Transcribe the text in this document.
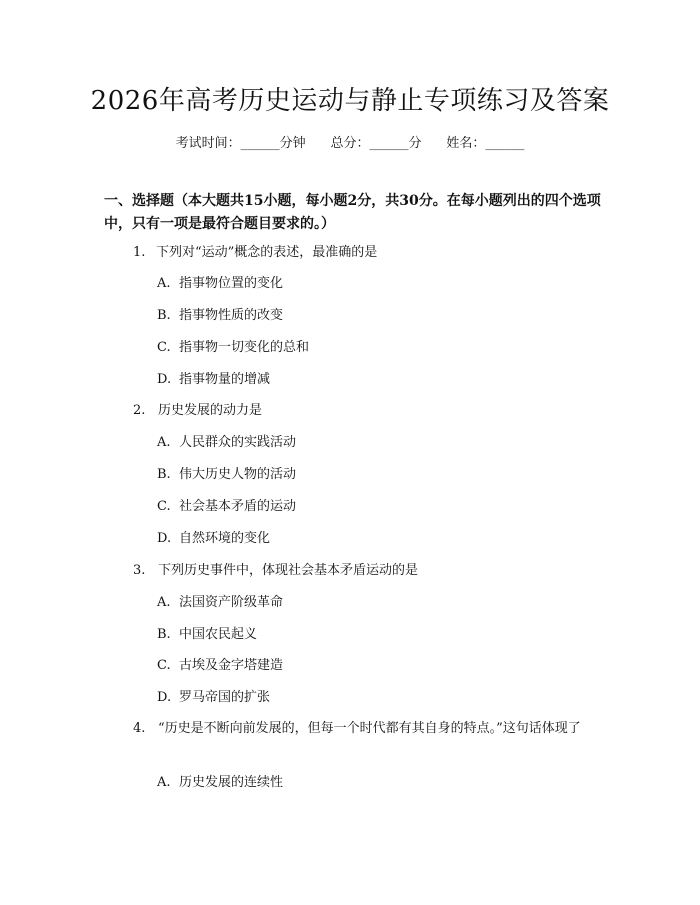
2026年高考历史运动与静止专项练习及答案
考试时间：______分钟 总分：______分 姓名：______

一、选择题（本大题共15小题，每小题2分，共30分。在每小题列出的四个选项中，只有一项是最符合题目要求的。）

1. 下列对“运动”概念的表述，最准确的是
A. 指事物位置的变化
B. 指事物性质的改变
C. 指事物一切变化的总和
D. 指事物量的增减
2. 历史发展的动力是
A. 人民群众的实践活动
B. 伟大历史人物的活动
C. 社会基本矛盾的运动
D. 自然环境的变化
3. 下列历史事件中，体现社会基本矛盾运动的是
A. 法国资产阶级革命
B. 中国农民起义
C. 古埃及金字塔建造
D. 罗马帝国的扩张
4. “历史是不断向前发展的，但每一个时代都有其自身的特点。”这句话体现了
A. 历史发展的连续性
